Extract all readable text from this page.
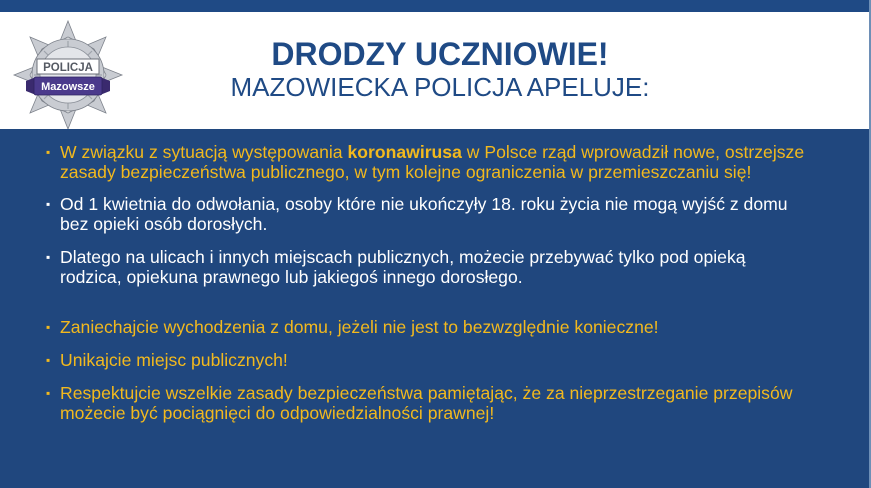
POLICJA
Mazowsze
DRODZY UCZNIOWIE!
MAZOWIECKA POLICJA APELUJE:
▪ W związku z sytuacją występowania koronawirusa w Polsce rząd wprowadził nowe, ostrzejsze zasady bezpieczeństwa publicznego, w tym kolejne ograniczenia w przemieszczaniu się!
▪ Od 1 kwietnia do odwołania, osoby które nie ukończyły 18. roku życia nie mogą wyjść z domu bez opieki osób dorosłych.
▪ Dlatego na ulicach i innych miejscach publicznych, możecie przebywać tylko pod opieką rodzica, opiekuna prawnego lub jakiegoś innego dorosłego.
▪ Zaniechajcie wychodzenia z domu, jeżeli nie jest to bezwzględnie konieczne!
▪ Unikajcie miejsc publicznych!
▪ Respektujcie wszelkie zasady bezpieczeństwa pamiętając, że za nieprzestrzeganie przepisów możecie być pociągnięci do odpowiedzialności prawnej!
